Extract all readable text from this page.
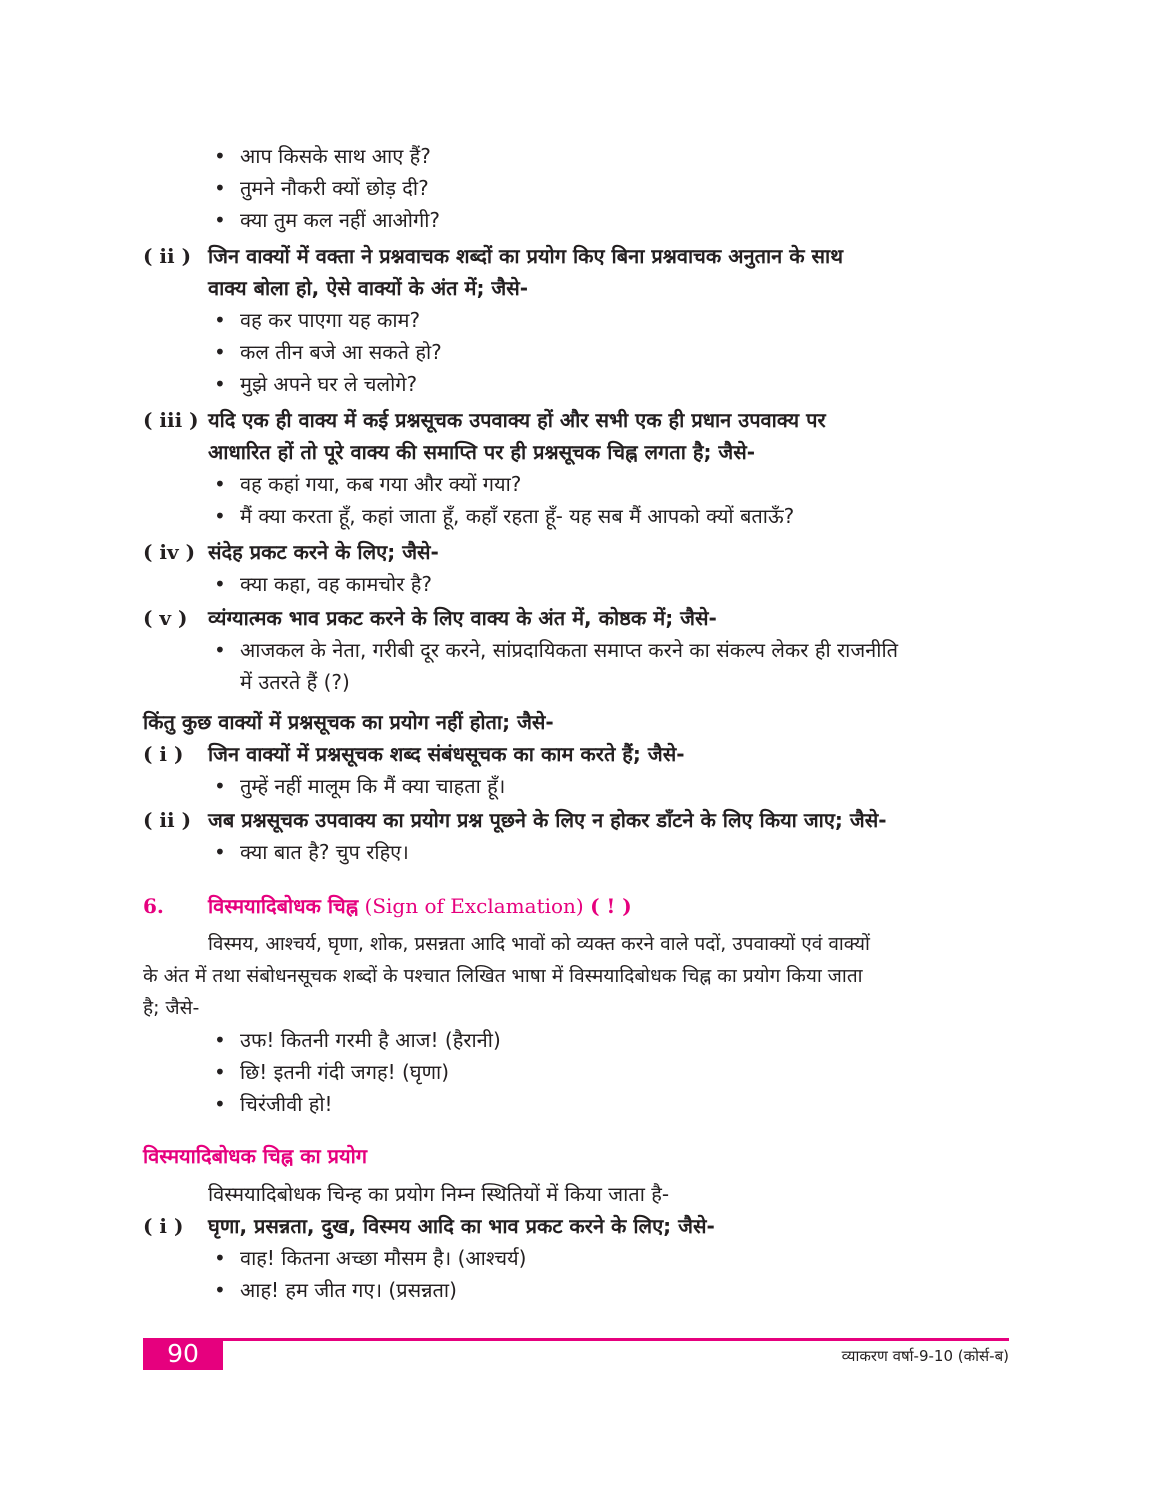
• आप किसके साथ आए हैं?
• तुमने नौकरी क्यों छोड़ दी?
• क्या तुम कल नहीं आओगी?
( ii ) जिन वाक्यों में वक्ता ने प्रश्नवाचक शब्दों का प्रयोग किए बिना प्रश्नवाचक अनुतान के साथ
वाक्य बोला हो, ऐसे वाक्यों के अंत में; जैसे-
• वह कर पाएगा यह काम?
• कल तीन बजे आ सकते हो?
• मुझे अपने घर ले चलोगे?
( iii ) यदि एक ही वाक्य में कई प्रश्नसूचक उपवाक्य हों और सभी एक ही प्रधान उपवाक्य पर
आधारित हों तो पूरे वाक्य की समाप्ति पर ही प्रश्नसूचक चिह्न लगता है; जैसे-
• वह कहां गया, कब गया और क्यों गया?
• मैं क्या करता हूँ, कहां जाता हूँ, कहाँ रहता हूँ- यह सब मैं आपको क्यों बताऊँ?
( iv ) संदेह प्रकट करने के लिए; जैसे-
• क्या कहा, वह कामचोर है?
( v ) व्यंग्यात्मक भाव प्रकट करने के लिए वाक्य के अंत में, कोष्ठक में; जैसे-
• आजकल के नेता, गरीबी दूर करने, सांप्रदायिकता समाप्त करने का संकल्प लेकर ही राजनीति
में उतरते हैं (?)
किंतु कुछ वाक्यों में प्रश्नसूचक का प्रयोग नहीं होता; जैसे-
( i ) जिन वाक्यों में प्रश्नसूचक शब्द संबंधसूचक का काम करते हैं; जैसे-
• तुम्हें नहीं मालूम कि मैं क्या चाहता हूँ।
( ii ) जब प्रश्नसूचक उपवाक्य का प्रयोग प्रश्न पूछने के लिए न होकर डाँटने के लिए किया जाए; जैसे-
• क्या बात है? चुप रहिए।
6. विस्मयादिबोधक चिह्न (Sign of Exclamation) ( ! )
विस्मय, आश्चर्य, घृणा, शोक, प्रसन्नता आदि भावों को व्यक्त करने वाले पदों, उपवाक्यों एवं वाक्यों
के अंत में तथा संबोधनसूचक शब्दों के पश्चात लिखित भाषा में विस्मयादिबोधक चिह्न का प्रयोग किया जाता
है; जैसे-
• उफ! कितनी गरमी है आज! (हैरानी)
• छि! इतनी गंदी जगह! (घृणा)
• चिरंजीवी हो!
विस्मयादिबोधक चिह्न का प्रयोग
विस्मयादिबोधक चिन्ह का प्रयोग निम्न स्थितियों में किया जाता है-
( i ) घृणा, प्रसन्नता, दुख, विस्मय आदि का भाव प्रकट करने के लिए; जैसे-
• वाह! कितना अच्छा मौसम है। (आश्चर्य)
• आह! हम जीत गए। (प्रसन्नता)
90	व्याकरण वर्षा-9-10 (कोर्स-ब)
